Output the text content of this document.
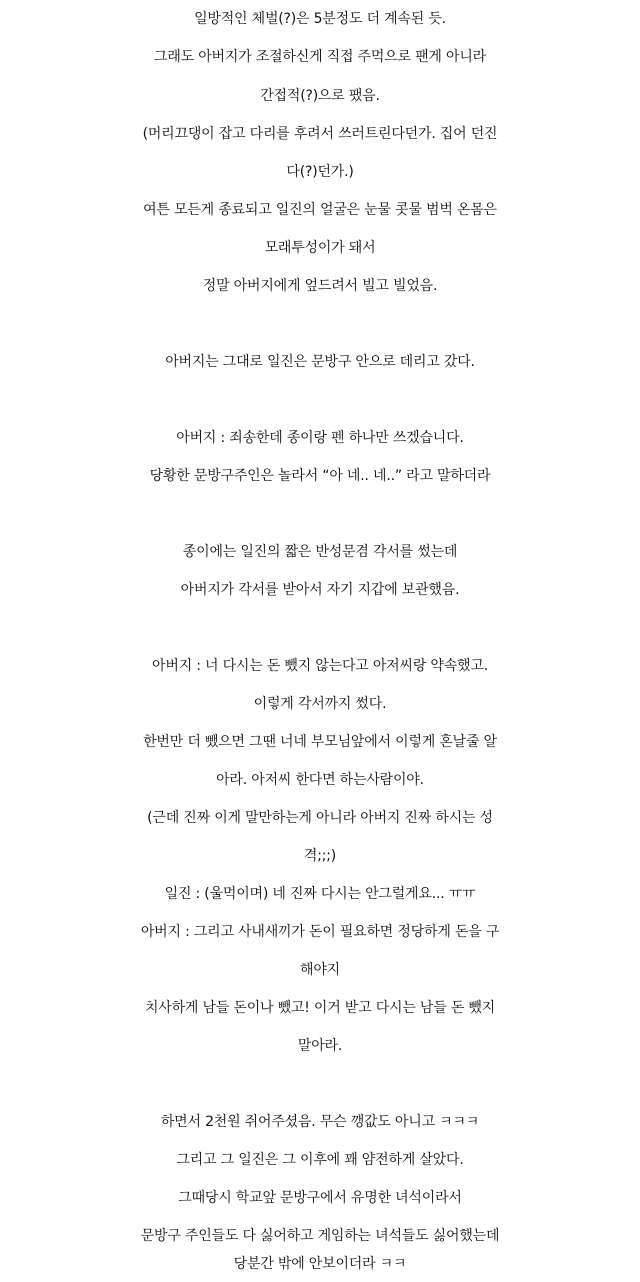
일방적인 체벌(?)은 5분정도 더 계속된 듯.
그래도 아버지가 조절하신게 직접 주먹으로 팬게 아니라
간접적(?)으로 팼음.
(머리끄댕이 잡고 다리를 후려서 쓰러트린다던가. 집어 던진
다(?)던가.)
여튼 모든게 종료되고 일진의 얼굴은 눈물 콧물 범벅 온몸은
모래투성이가 돼서
정말 아버지에게 엎드려서 빌고 빌었음.
아버지는 그대로 일진은 문방구 안으로 데리고 갔다.
아버지 : 죄송한데 종이랑 펜 하나만 쓰겠습니다.
당황한 문방구주인은 놀라서 “아 네.. 네..” 라고 말하더라
종이에는 일진의 짧은 반성문겸 각서를 썼는데
아버지가 각서를 받아서 자기 지갑에 보관했음.
아버지 : 너 다시는 돈 뺐지 않는다고 아저씨랑 약속했고.
이렇게 각서까지 썼다.
한번만 더 뺐으면 그땐 너네 부모님앞에서 이렇게 혼날줄 알
아라. 아저씨 한다면 하는사람이야.
(근데 진짜 이게 말만하는게 아니라 아버지 진짜 하시는 성
격;;;)
일진 : (울먹이며) 네 진짜 다시는 안그럴게요... ㅠㅠ
아버지 : 그리고 사내새끼가 돈이 필요하면 정당하게 돈을 구
해야지
치사하게 남들 돈이나 뺐고! 이거 받고 다시는 남들 돈 뺐지
말아라.
하면서 2천원 쥐어주셨음. 무슨 깽값도 아니고 ㅋㅋㅋ
그리고 그 일진은 그 이후에 꽤 얌전하게 살았다.
그때당시 학교앞 문방구에서 유명한 녀석이라서
문방구 주인들도 다 싫어하고 게임하는 녀석들도 싫어했는데
당분간 밖에 안보이더라 ㅋㅋ
